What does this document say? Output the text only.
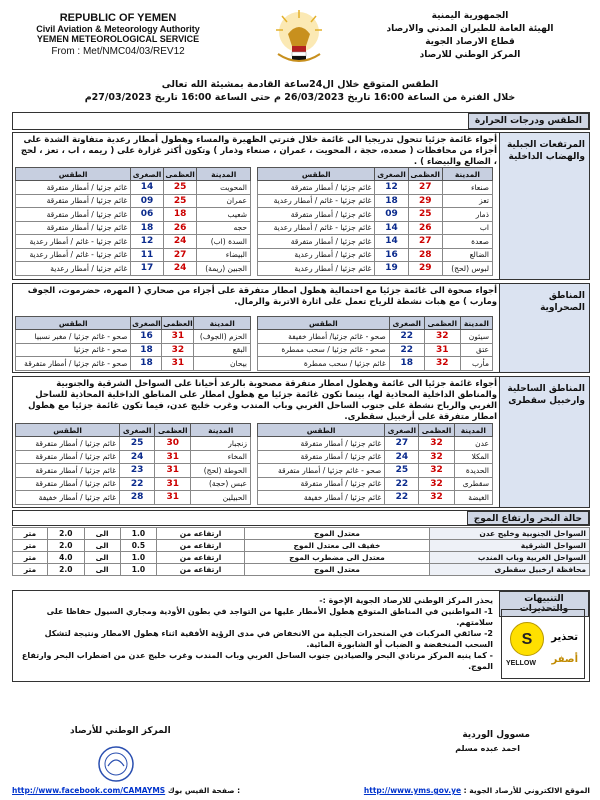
REPUBLIC OF YEMEN
Civil Aviation & Meteorology Authority
YEMEN METEOROLOGICAL SERVICE
From : Met/NMC04/03/REV12
الجمهورية اليمنية
الهيئة العامة للطيران المدني والارصاد
قطاع الارصاد الجوية
المركز الوطني للارصاد
الطقس المتوقع خلال ال24ساعة القادمة بمشيئة الله تعالى
خلال الفترة من الساعة 16:00 تاريخ 26/03/2023 م حتى الساعة 16:00 تاريخ 27/03/2023م
الطقس ودرجات الحرارة
المرتفعات الجبلية والهضاب الداخلية
أجواء غائمة جزئيا تتحول تدريجيا الى غائمة خلال فترتي الظهيرة والمساء وهطول أمطار رعدية متفاوتة الشدة على أجزاء من محافظات ( صعده، حجة ، المحويت ، عمران ، صنعاء وذمار ) وتكون أكثر غزارة على ( ريمه ، اب ، تعز ، لحج ، الضالع والبيضاء ) .
المدينة	العظمى	الصغرى	الطقس
صنعاء	27	12	غائم جزئيا / أمطار متفرقة
تعز	29	18	غائم جزئيا - غائم / أمطار رعدية
ذمار	25	09	غائم جزئيا / أمطار متفرقة
اب	26	14	غائم جزئيا - غائم / أمطار رعدية
صعدة	27	14	غائم جزئيا / أمطار متفرقة
الضالع	28	16	غائم جزئيا / أمطار رعدية
لبوس (لحج)	29	19	غائم جزئيا / أمطار رعدية
المدينة	العظمى	الصغرى	الطقس
المحويت	25	14	غائم جزئيا / أمطار متفرقة
عمران	25	09	غائم جزئيا / أمطار متفرقة
شعيب	18	06	غائم جزئيا / أمطار متفرقة
حجه	26	18	غائم جزئيا / أمطار متفرقة
السدة (اب)	24	12	غائم جزئيا - غائم / أمطار رعدية
البيضاء	27	11	غائم جزئيا - غائم / أمطار رعدية
الجبين (ريمة)	24	17	غائم جزئيا / أمطار رعدية
المناطق الصحراوية
أجواء صحوة الى غائمة جزئيا مع احتمالية هطول امطار متفرقة على أجزاء من صحاري ( المهره، حضرموت، الجوف ومارب ) مع هبات نشطة للرياح تعمل على اثارة الاتربة والرمال.
المدينة	العظمى	الصغرى	الطقس
سيئون	32	22	صحو - غائم جزئيا/ أمطار خفيفة
عتق	31	22	صحو - غائم جزئيا / سحب ممطرة
مأرب	32	18	غائم جزئيا / سحب ممطرة
المدينة	العظمى	الصغرى	الطقس
الحزم (الجوف)	31	16	صحو - غائم جزئيا / مغبر نسبيا
البقع	32	18	صحو - غائم جزئيا
بيحان	31	18	صحو - غائم جزئيا / أمطار متفرقة
المناطق الساحلية وارخبيل سقطرى
أجواء غائمة جزئيا الى غائمة وهطول امطار متفرقة مصحوبة بالرعد أحيانا على السواحل الشرقية والجنوبية والمناطق الداخلية المحاذية لها، بينما تكون غائمة جزئيا مع هطول امطار على المناطق الداخلية المحاذية للساحل الغربي والرياح نشطة على جنوب الساحل الغربي وباب المندب وغرب خليج عدن، فيما تكون غائمة جزئيا مع هطول امطار متفرقة على أرخبيل سقطرى.
المدينة	العظمى	الصغرى	الطقس
عدن	32	27	غائم جزئيا / أمطار متفرقة
المكلا	32	24	غائم جزئيا / أمطار متفرقة
الحديدة	32	25	صحو - غائم جزئيا / أمطار متفرقة
سقطرى	32	22	غائم جزئيا / أمطار متفرقة
الغيضة	32	22	غائم جزئيا / أمطار خفيفة
المدينة	العظمى	الصغرى	الطقس
زنجبار	30	25	غائم جزئيا / أمطار متفرقة
المخاء	31	24	غائم جزئيا / أمطار متفرقة
الحوطة (لحج)	31	23	غائم جزئيا / أمطار متفرقة
عبس (حجة)	31	22	غائم جزئيا / أمطار متفرقة
الحبيلين	31	28	غائم جزئيا / أمطار خفيفة
حالة البحر وارتفاع الموج
السواحل الجنوبية وخليج عدن	معتدل الموج	ارتفاعه من	1.0	الى	2.0	متر
السواحل الشرقية	خفيف الى معتدل الموج	ارتفاعه من	0.5	الى	2.0	متر
السواحل الغربية وباب المندب	معتدل الى مضطرب الموج	ارتفاعه من	1.0	الى	4.0	متر
محافظة ارخبيل سقطرى	معتدل الموج	ارتفاعه من	1.0	الى	2.0	متر
التنبيهات والتحذيرات
S	تحذير
أصفر
YELLOW
يحذر المركز الوطني للارصاد الجوية الإخوة :-
1- المواطنين في المناطق المتوقع هطول الأمطار عليها من التواجد في بطون الأودية ومجاري السيول حفاظا على سلامتهم.
2- سائقي المركبات في المنحدرات الجبلية من الانخفاض في مدى الرؤية الأفقية اثناء هطول الامطار ونتيجة لتشكل السحب المنخفضة و الضباب أو الشابورة المائية.
- كما ينبه المركز مرتادي البحر والصيادين جنوب الساحل الغربي وباب المندب وغرب خليج عدن من اضطراب البحر وارتفاع الموج.
المركز الوطني للأرصاد	مسوول الوردية
احمد عبده مسلم
http://www.facebook.com/CAMAYMS صفحة الفيس بوك :	الموقع الالكتروني للأرصاد الجوية : http://www.yms.gov.ye
